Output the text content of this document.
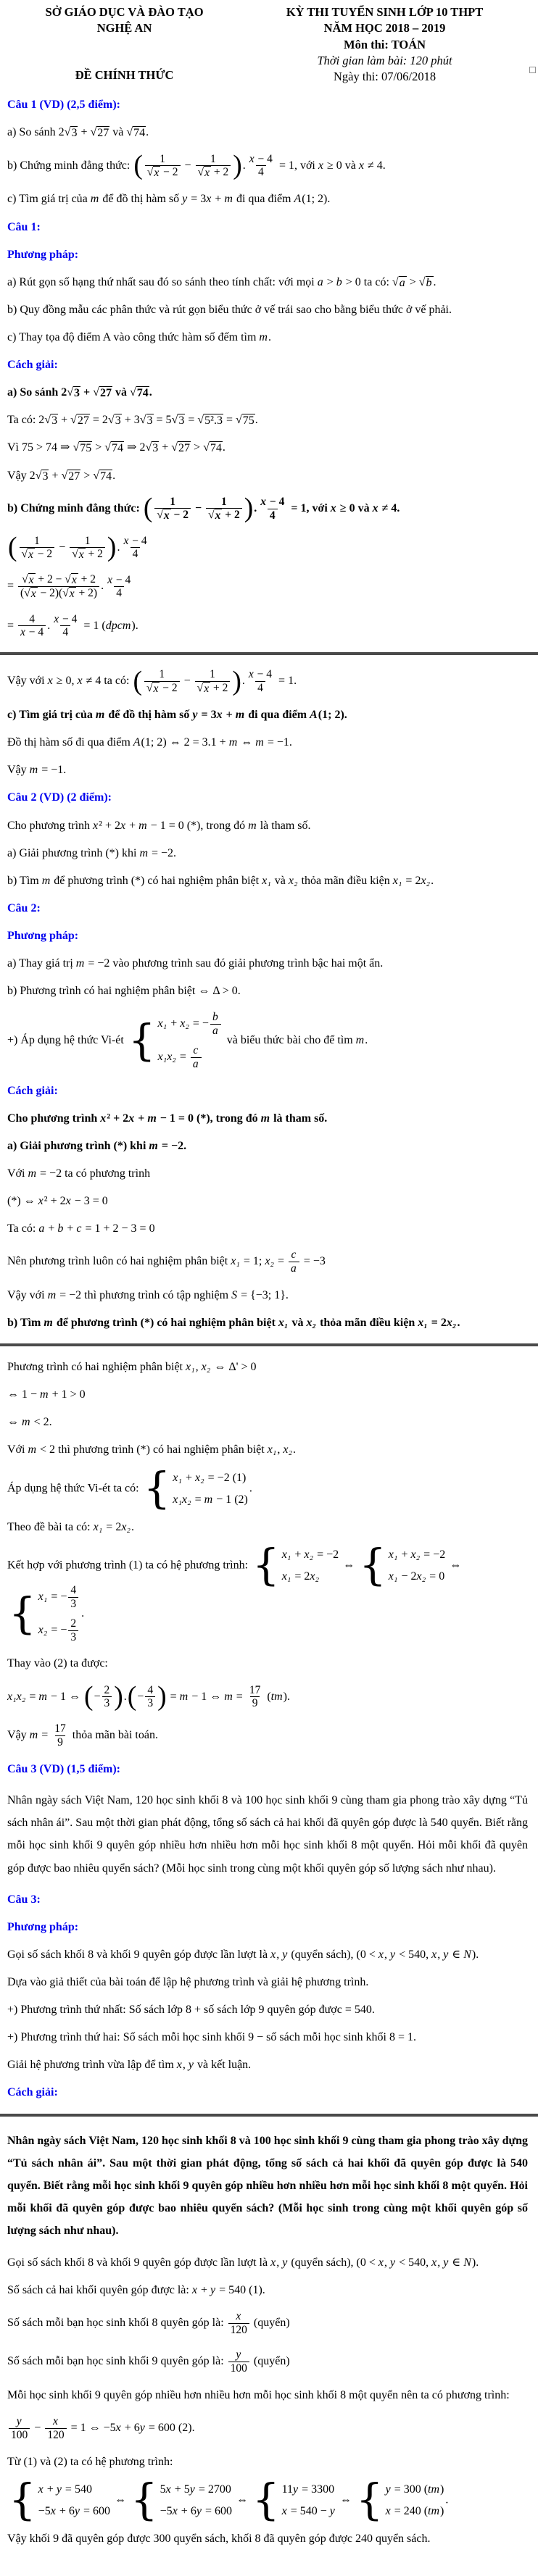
SỞ GIÁO DỤC VÀ ĐÀO TẠO
NGHỆ AN
ĐỀ CHÍNH THỨC
KỲ THI TUYỂN SINH LỚP 10 THPT
NĂM HỌC 2018 – 2019
Môn thi: TOÁN
Thời gian làm bài: 120 phút
Ngày thi: 07/06/2018
Câu 1 (VD) (2,5 điểm):
a) So sánh 2 √ 3 + √ 27 và √ 74 .
b) Chứng minh đẳng thức: ( $\frac{1}{√ x - 2} - \frac{1}{√ x + 2}$ ). $\frac{x - 4}{4} = 1$, với x ≥ 0 và x ≠ 4.
c) Tìm giá trị của m để đồ thị hàm số y = 3x + m đi qua điểm A(1; 2).
Câu 1:
Phương pháp:
a) Rút gọn số hạng thứ nhất sau đó so sánh theo tính chất: với mọi a > b > 0 ta có: √ a > √ b .
b) Quy đồng mẫu các phân thức và rút gọn biểu thức ở vế trái sao cho bằng biểu thức ở vế phải.
c) Thay tọa độ điểm A vào công thức hàm số đếm tìm m.
Cách giải:
a) So sánh 2 √ 3 + √ 27 và √ 74 .
Ta có: 2 √ 3 + √ 27 = 2 √ 3 + 3 √ 3 = 5 √ 3 = √ 5².3 = √ 75 .
Vì 75 > 74 ⇒ √ 75 > √ 74 ⇒ 2 √ 3 + √ 27 > √ 74 .
Vậy 2 √ 3 + √ 27 > √ 74 .
b) Chứng minh đẳng thức: ( $\frac{1}{√ x - 2} - \frac{1}{√ x + 2}$ ). $\frac{x - 4}{4} = 1$, với x ≥ 0 và x ≠ 4.
( $\frac{1}{√ x - 2} - \frac{1}{√ x + 2}$ ). $\frac{x - 4}{4}$
= $\frac{√ x + 2 - √ x + 2}{( √ x - 2)( √ x + 2)}$ . $\frac{x - 4}{4}$
= $\frac{4}{x - 4}$ . $\frac{x - 4}{4} = 1$ (dpcm).
Vậy với x ≥ 0, x ≠ 4 ta có: ( $\frac{1}{√ x - 2} - \frac{1}{√ x + 2}$ ). $\frac{x - 4}{4} = 1$.
c) Tìm giá trị của m để đồ thị hàm số y = 3x + m đi qua điểm A(1; 2).
Đồ thị hàm số đi qua điểm A(1; 2) ⇔ 2 = 3.1 + m ⇔ m = −1.
Vậy m = −1.
Câu 2 (VD) (2 điểm):
Cho phương trình x² + 2x + m − 1 = 0 (*), trong đó m là tham số.
a) Giải phương trình (*) khi m = −2.
b) Tìm m để phương trình (*) có hai nghiệm phân biệt x₁ và x₂ thỏa mãn điều kiện x₁ = 2x₂.
Câu 2:
Phương pháp:
a) Thay giá trị m = −2 vào phương trình sau đó giải phương trình bậc hai một ẩn.
b) Phương trình có hai nghiệm phân biệt ⇔ Δ > 0.
+) Áp dụng hệ thức Vi-ét { x₁ + x₂ = − $\frac{b}{a}$
$x_1x_2 = \frac{c}{a}$
và biểu thức bài cho để tìm m.
Cách giải:
Cho phương trình x² + 2x + m − 1 = 0 (*), trong đó m là tham số.
a) Giải phương trình (*) khi m = −2.
Với m = −2 ta có phương trình
(*) ⇔ x² + 2x − 3 = 0
Ta có: a + b + c = 1 + 2 − 3 = 0
Nên phương trình luôn có hai nghiệm phân biệt x₁ = 1; $x_2 = \frac{c}{a} = -3$
Vậy với m = −2 thì phương trình có tập nghiệm S = {−3; 1}.
b) Tìm m để phương trình (*) có hai nghiệm phân biệt x₁ và x₂ thỏa mãn điều kiện x₁ = 2x₂.
Phương trình có hai nghiệm phân biệt x₁, x₂ ⇔ Δ' > 0
⇔ 1 − m + 1 > 0
⇔ m < 2.
Với m < 2 thì phương trình (*) có hai nghiệm phân biệt x₁, x₂.
Áp dụng hệ thức Vi-ét ta có: { x₁ + x₂ = −2 (1)
x₁x₂ = m − 1 (2)
.
Theo đề bài ta có: x₁ = 2x₂.
Kết hợp với phương trình (1) ta có hệ phương trình: { x₁ + x₂ = −2
x₁ = 2x₂
⇔ { x₁ + x₂ = −2
x₁ − 2x₂ = 0
⇔
{ x₁ = − $\frac{4}{3}$
x₂ = − $\frac{2}{3}$
.
Thay vào (2) ta được:
x₁x₂ = m − 1 ⇔ (− $\frac{2}{3}$ ).(− $\frac{4}{3}$ ) = m − 1 ⇔ $m = \frac{17}{9} (tm)$.
Vậy $m = \frac{17}{9}$ thỏa mãn bài toán.
Câu 3 (VD) (1,5 điểm):
Nhân ngày sách Việt Nam, 120 học sinh khối 8 và 100 học sinh khối 9 cùng tham gia phong trào xây dựng “Tủ sách nhân ái”. Sau một thời gian phát động, tổng số sách cả hai khối đã quyên góp được là 540 quyển. Biết rằng mỗi học sinh khối 9 quyên góp nhiều hơn nhiều hơn mỗi học sinh khối 8 một quyển. Hỏi mỗi khối đã quyên góp được bao nhiêu quyển sách? (Mỗi học sinh trong cùng một khối quyên góp số lượng sách như nhau).
Câu 3:
Phương pháp:
Gọi số sách khối 8 và khối 9 quyên góp được lần lượt là x, y (quyển sách), (0 < x, y < 540, x, y ∈ N).
Dựa vào giả thiết của bài toán để lập hệ phương trình và giải hệ phương trình.
+) Phương trình thứ nhất: Số sách lớp 8 + số sách lớp 9 quyên góp được = 540.
+) Phương trình thứ hai: Số sách mỗi học sinh khối 9 − số sách mỗi học sinh khối 8 = 1.
Giải hệ phương trình vừa lập để tìm x, y và kết luận.
Cách giải:
Nhân ngày sách Việt Nam, 120 học sinh khối 8 và 100 học sinh khối 9 cùng tham gia phong trào xây dựng “Tủ sách nhân ái”. Sau một thời gian phát động, tổng số sách cả hai khối đã quyên góp được là 540 quyển. Biết rằng mỗi học sinh khối 9 quyên góp nhiều hơn nhiều hơn mỗi học sinh khối 8 một quyển. Hỏi mỗi khối đã quyên góp được bao nhiêu quyển sách? (Mỗi học sinh trong cùng một khối quyên góp số lượng sách như nhau).
Gọi số sách khối 8 và khối 9 quyên góp được lần lượt là x, y (quyển sách), (0 < x, y < 540, x, y ∈ N).
Số sách cả hai khối quyên góp được là: x + y = 540 (1).
Số sách mỗi bạn học sinh khối 8 quyên góp là: $\frac{x}{120}$ (quyển)
Số sách mỗi bạn học sinh khối 9 quyên góp là: $\frac{y}{100}$ (quyển)
Mỗi học sinh khối 9 quyên góp nhiều hơn nhiều hơn mỗi học sinh khối 8 một quyển nên ta có phương trình:
$\frac{y}{100} - \frac{x}{120} = 1$ ⇔ −5x + 6y = 600 (2).
Từ (1) và (2) ta có hệ phương trình:
{ x + y = 540
−5x + 6y = 600
⇔ { 5x + 5y = 2700
−5x + 6y = 600
⇔ { 11y = 3300
x = 540 − y
⇔ { y = 300 (tm)
x = 240 (tm)
.
Vậy khối 9 đã quyên góp được 300 quyển sách, khối 8 đã quyên góp được 240 quyển sách.
